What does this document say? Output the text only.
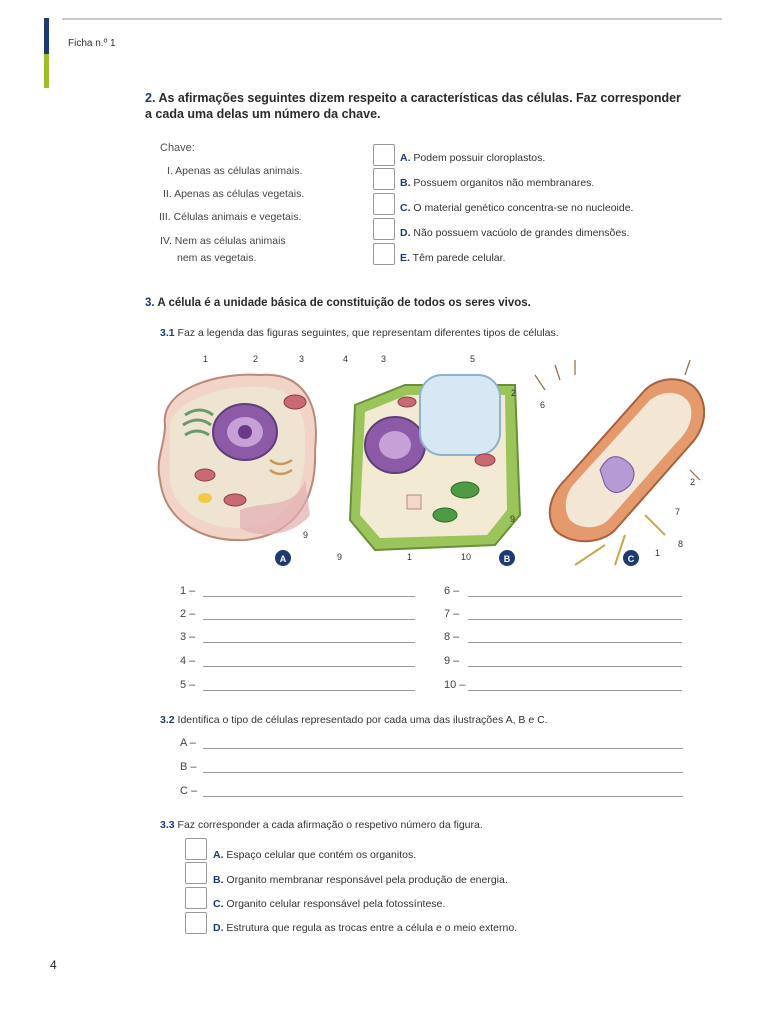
Ficha n.º 1
2. As afirmações seguintes dizem respeito a características das células. Faz corresponder a cada uma delas um número da chave.
Chave:
I. Apenas as células animais.
II. Apenas as células vegetais.
III. Células animais e vegetais.
IV. Nem as células animais
nem as vegetais.
A. Podem possuir cloroplastos.
B. Possuem organitos não membranares.
C. O material genético concentra-se no nucleoide.
D. Não possuem vacúolo de grandes dimensões.
E. Têm parede celular.
3. A célula é a unidade básica de constituição de todos os seres vivos.
3.1 Faz a legenda das figuras seguintes, que representam diferentes tipos de células.
1	2	3	4	3	5
2
6
2
7
8
1
9
9	1	10
9
A	B	C
1 –
2 –
3 –
4 –
5 –
6 –
7 –
8 –
9 –
10 –
3.2 Identifica o tipo de células representado por cada uma das ilustrações A, B e C.
A –
B –
C –
3.3 Faz corresponder a cada afirmação o respetivo número da figura.
A. Espaço celular que contém os organitos.
B. Organito membranar responsável pela produção de energia.
C. Organito celular responsável pela fotossíntese.
D. Estrutura que regula as trocas entre a célula e o meio externo.
4
